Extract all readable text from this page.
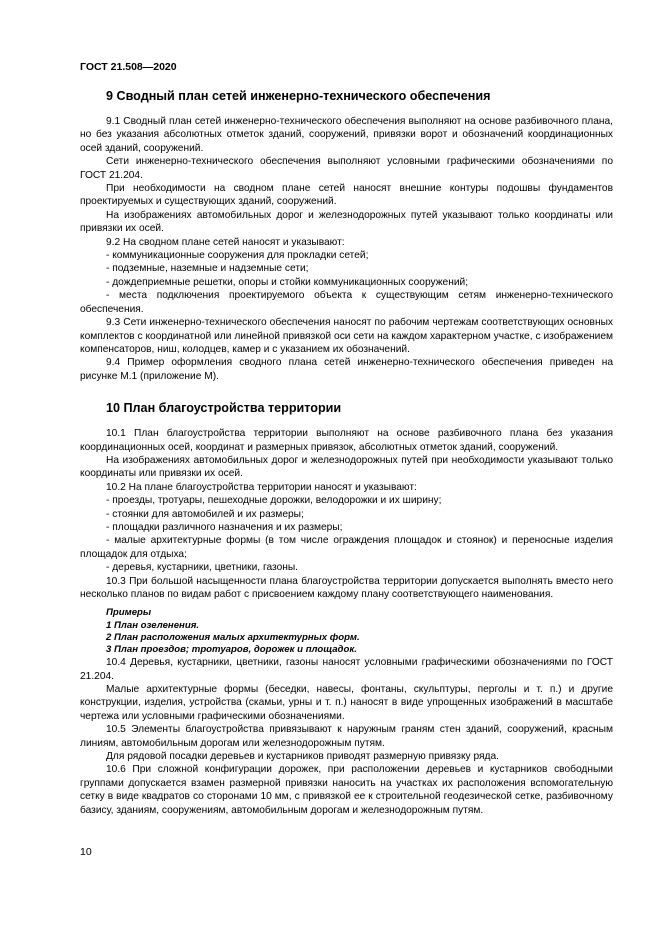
ГОСТ 21.508—2020
9 Сводный план сетей инженерно-технического обеспечения

9.1 Сводный план сетей инженерно-технического обеспечения выполняют на основе разбивочного плана, но без указания абсолютных отметок зданий, сооружений, привязки ворот и обозначений координационных осей зданий, сооружений.

Сети инженерно-технического обеспечения выполняют условными графическими обозначениями по ГОСТ 21.204.

При необходимости на сводном плане сетей наносят внешние контуры подошвы фундаментов проектируемых и существующих зданий, сооружений.

На изображениях автомобильных дорог и железнодорожных путей указывают только координаты или привязки их осей.

9.2 На сводном плане сетей наносят и указывают:

- коммуникационные сооружения для прокладки сетей;

- подземные, наземные и надземные сети;

- дождеприемные решетки, опоры и стойки коммуникационных сооружений;

- места подключения проектируемого объекта к существующим сетям инженерно-технического обеспечения.

9.3 Сети инженерно-технического обеспечения наносят по рабочим чертежам соответствующих основных комплектов с координатной или линейной привязкой оси сети на каждом характерном участке, с изображением компенсаторов, ниш, колодцев, камер и с указанием их обозначений.

9.4 Пример оформления сводного плана сетей инженерно-технического обеспечения приведен на рисунке М.1 (приложение М).

10 План благоустройства территории

10.1 План благоустройства территории выполняют на основе разбивочного плана без указания координационных осей, координат и размерных привязок, абсолютных отметок зданий, сооружений.

На изображениях автомобильных дорог и железнодорожных путей при необходимости указывают только координаты или привязки их осей.

10.2 На плане благоустройства территории наносят и указывают:

- проезды, тротуары, пешеходные дорожки, велодорожки и их ширину;

- стоянки для автомобилей и их размеры;

- площадки различного назначения и их размеры;

- малые архитектурные формы (в том числе ограждения площадок и стоянок) и переносные изделия площадок для отдыха;

- деревья, кустарники, цветники, газоны.

10.3 При большой насыщенности плана благоустройства территории допускается выполнять вместо него несколько планов по видам работ с присвоением каждому плану соответствующего наименования.

Примеры
1 План озеленения.
2 План расположения малых архитектурных форм.
3 План проездов; тротуаров, дорожек и площадок.

10.4 Деревья, кустарники, цветники, газоны наносят условными графическими обозначениями по ГОСТ 21.204.

Малые архитектурные формы (беседки, навесы, фонтаны, скульптуры, перголы и т. п.) и другие конструкции, изделия, устройства (скамьи, урны и т. п.) наносят в виде упрощенных изображений в масштабе чертежа или условными графическими обозначениями.

10.5 Элементы благоустройства привязывают к наружным граням стен зданий, сооружений, красным линиям, автомобильным дорогам или железнодорожным путям.

Для рядовой посадки деревьев и кустарников приводят размерную привязку ряда.

10.6 При сложной конфигурации дорожек, при расположении деревьев и кустарников свободными группами допускается взамен размерной привязки наносить на участках их расположения вспомогательную сетку в виде квадратов со сторонами 10 мм, с привязкой ее к строительной геодезической сетке, разбивочному базису, зданиям, сооружениям, автомобильным дорогам и железнодорожным путям.

10
